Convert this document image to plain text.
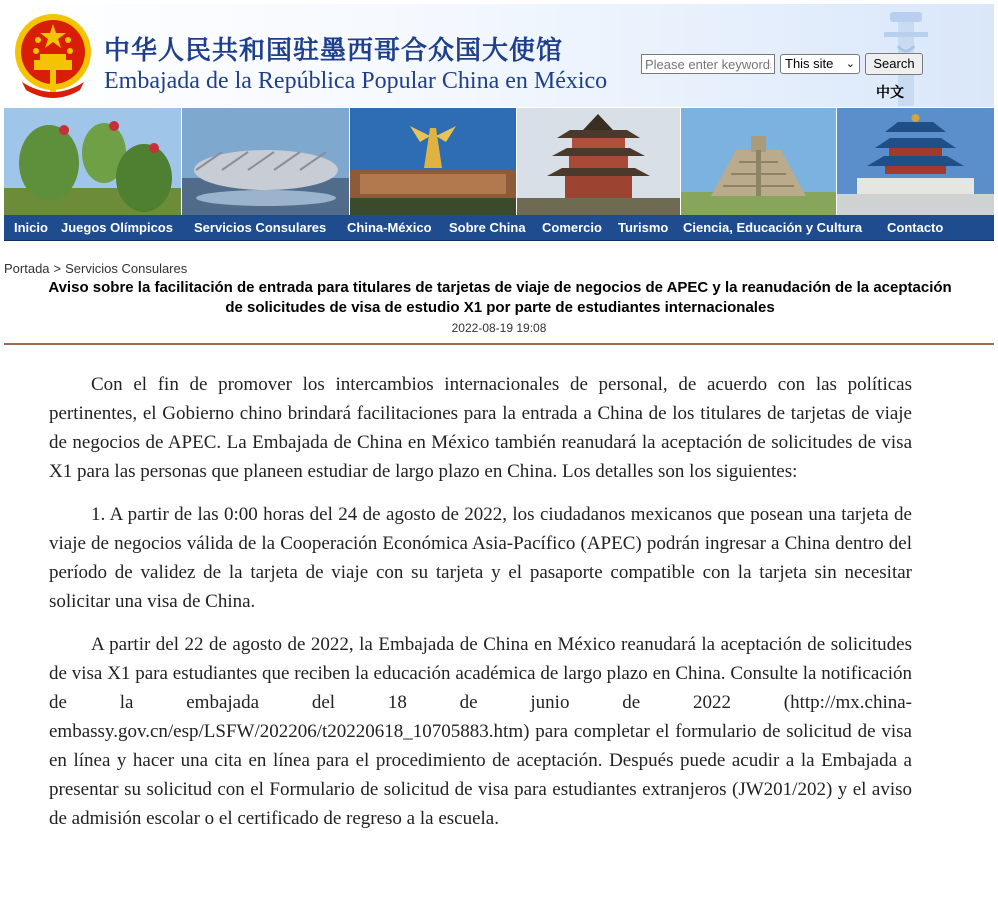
中华人民共和国驻墨西哥合众国大使馆
Embajada de la República Popular China en México
Please enter keywords
This site ⌄	Search
中文
Inicio Juegos Olímpicos Servicios Consulares China-México Sobre China Comercio Turismo Ciencia, Educación y Cultura Contacto
Portada > Servicios Consulares
Aviso sobre la facilitación de entrada para titulares de tarjetas de viaje de negocios de APEC y la reanudación de la aceptación de solicitudes de visa de estudio X1 por parte de estudiantes internacionales
2022-08-19 19:08

Con el fin de promover los intercambios internacionales de personal, de acuerdo con las políticas pertinentes, el Gobierno chino brindará facilitaciones para la entrada a China de los titulares de tarjetas de viaje de negocios de APEC. La Embajada de China en México también reanudará la aceptación de solicitudes de visa X1 para las personas que planeen estudiar de largo plazo en China. Los detalles son los siguientes:

1. A partir de las 0:00 horas del 24 de agosto de 2022, los ciudadanos mexicanos que posean una tarjeta de viaje de negocios válida de la Cooperación Económica Asia-Pacífico (APEC) podrán ingresar a China dentro del período de validez de la tarjeta de viaje con su tarjeta y el pasaporte compatible con la tarjeta sin necesitar solicitar una visa de China.

A partir del 22 de agosto de 2022, la Embajada de China en México reanudará la aceptación de solicitudes de visa X1 para estudiantes que reciben la educación académica de largo plazo en China. Consulte la notificación de la embajada del 18 de junio de 2022 (http://mx.china-embassy.gov.cn/esp/LSFW/202206/t20220618_10705883.htm) para completar el formulario de solicitud de visa en línea y hacer una cita en línea para el procedimiento de aceptación. Después puede acudir a la Embajada a presentar su solicitud con el Formulario de solicitud de visa para estudiantes extranjeros (JW201/202) y el aviso de admisión escolar o el certificado de regreso a la escuela.
